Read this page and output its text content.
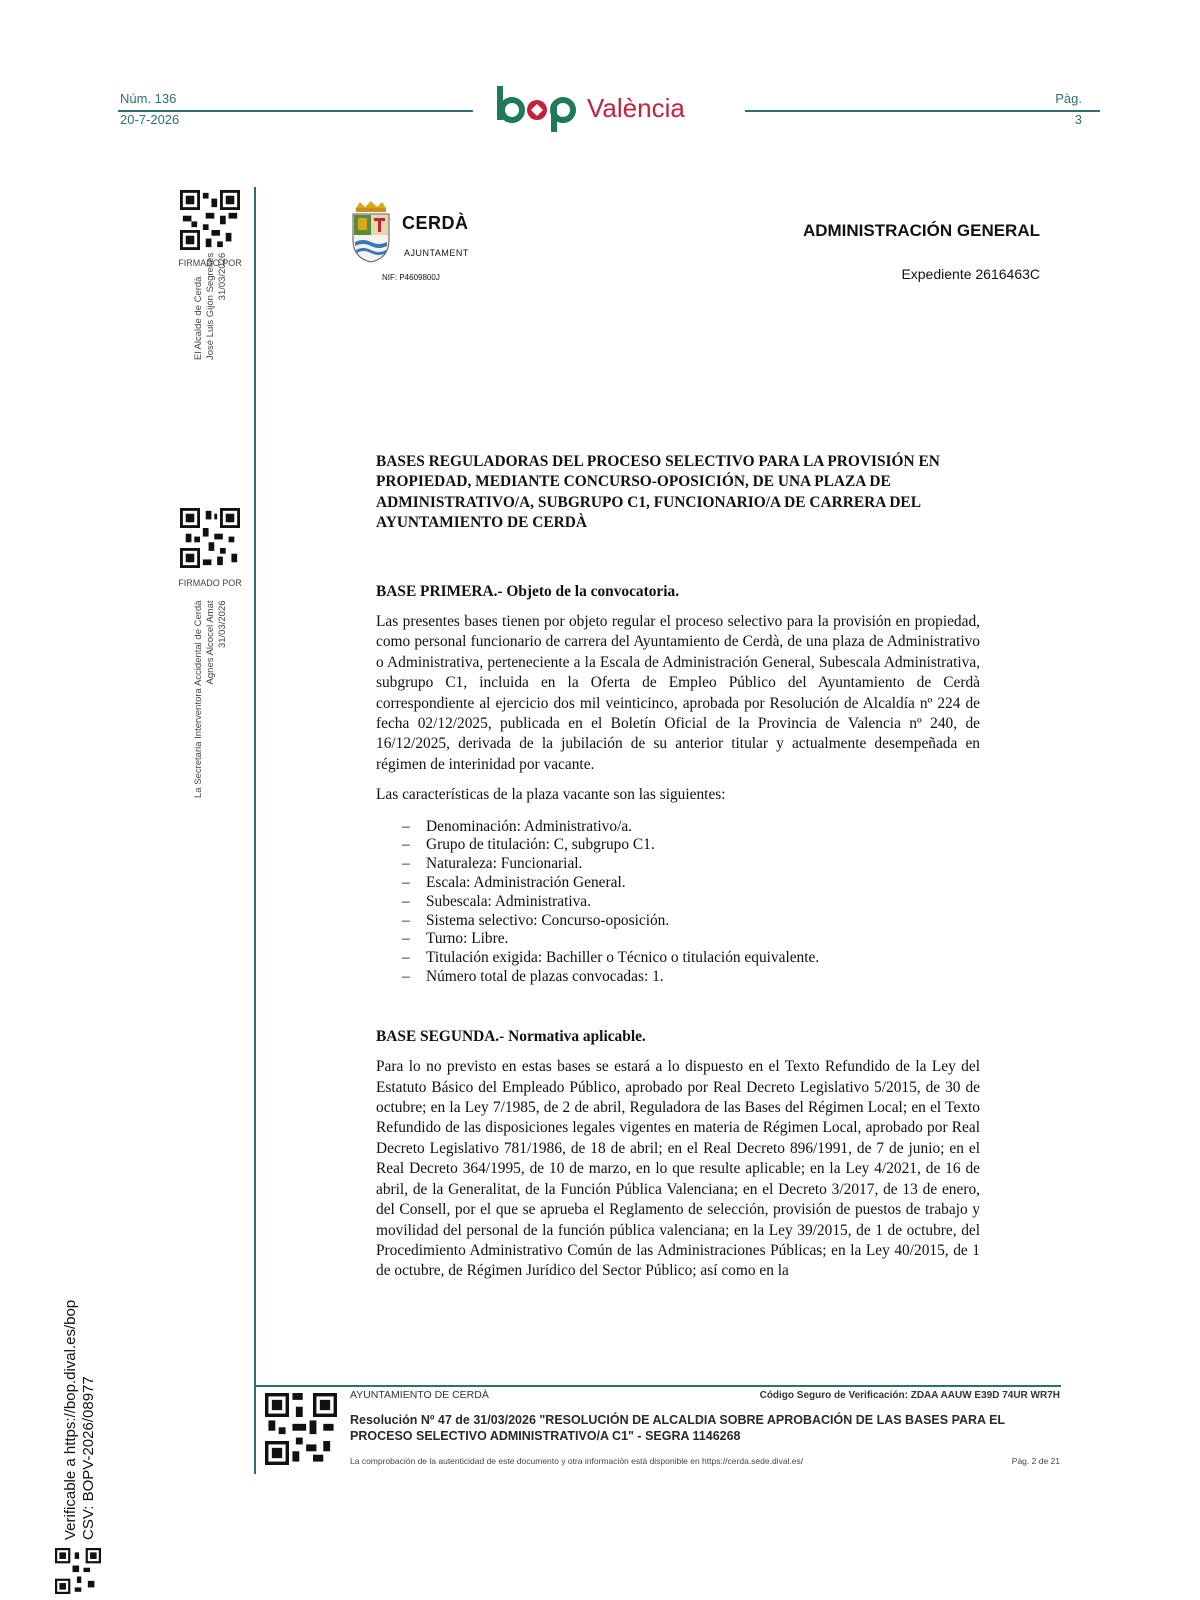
Núm. 136
20-7-2026
Pàg.
3
València
FIRMADO POR
El Alcalde de Cerdà José Luis Gijón Segrelles 31/03/2026
FIRMADO POR
La Secretaria Interventora Accidental de Cerdà Agnes Alcocel Amat 31/03/2026
CERDÀ
AJUNTAMENT
NIF: P4609800J
ADMINISTRACIÓN GENERAL
Expediente 2616463C

BASES REGULADORAS DEL PROCESO SELECTIVO PARA LA PROVISIÓN EN PROPIEDAD, MEDIANTE CONCURSO-OPOSICIÓN, DE UNA PLAZA DE ADMINISTRATIVO/A, SUBGRUPO C1, FUNCIONARIO/A DE CARRERA DEL AYUNTAMIENTO DE CERDÀ

BASE PRIMERA.- Objeto de la convocatoria.

Las presentes bases tienen por objeto regular el proceso selectivo para la provisión en propiedad, como personal funcionario de carrera del Ayuntamiento de Cerdà, de una plaza de Administrativo o Administrativa, perteneciente a la Escala de Administración General, Subescala Administrativa, subgrupo C1, incluida en la Oferta de Empleo Público del Ayuntamiento de Cerdà correspondiente al ejercicio dos mil veinticinco, aprobada por Resolución de Alcaldía nº 224 de fecha 02/12/2025, publicada en el Boletín Oficial de la Provincia de Valencia nº 240, de 16/12/2025, derivada de la jubilación de su anterior titular y actualmente desempeñada en régimen de interinidad por vacante.

Las características de la plaza vacante son las siguientes:

– Denominación: Administrativo/a.
– Grupo de titulación: C, subgrupo C1.
– Naturaleza: Funcionarial.
– Escala: Administración General.
– Subescala: Administrativa.
– Sistema selectivo: Concurso-oposición.
– Turno: Libre.
– Titulación exigida: Bachiller o Técnico o titulación equivalente.
– Número total de plazas convocadas: 1.

BASE SEGUNDA.- Normativa aplicable.

Para lo no previsto en estas bases se estará a lo dispuesto en el Texto Refundido de la Ley del Estatuto Básico del Empleado Público, aprobado por Real Decreto Legislativo 5/2015, de 30 de octubre; en la Ley 7/1985, de 2 de abril, Reguladora de las Bases del Régimen Local; en el Texto Refundido de las disposiciones legales vigentes en materia de Régimen Local, aprobado por Real Decreto Legislativo 781/1986, de 18 de abril; en el Real Decreto 896/1991, de 7 de junio; en el Real Decreto 364/1995, de 10 de marzo, en lo que resulte aplicable; en la Ley 4/2021, de 16 de abril, de la Generalitat, de la Función Pública Valenciana; en el Decreto 3/2017, de 13 de enero, del Consell, por el que se aprueba el Reglamento de selección, provisión de puestos de trabajo y movilidad del personal de la función pública valenciana; en la Ley 39/2015, de 1 de octubre, del Procedimiento Administrativo Común de las Administraciones Públicas; en la Ley 40/2015, de 1 de octubre, de Régimen Jurídico del Sector Público; así como en la

AYUNTAMIENTO DE CERDÀ	Código Seguro de Verificación: ZDAA AAUW E39D 74UR WR7H
Resolución Nº 47 de 31/03/2026 "RESOLUCIÓN DE ALCALDIA SOBRE APROBACIÓN DE LAS BASES PARA EL PROCESO SELECTIVO ADMINISTRATIVO/A C1" - SEGRA 1146268
La comprobación de la autenticidad de este documento y otra información está disponible en https://cerda.sede.dival.es/	Pàg. 2 de 21
Verificable a https://bop.dival.es/bop CSV: BOPV-2026/08977
